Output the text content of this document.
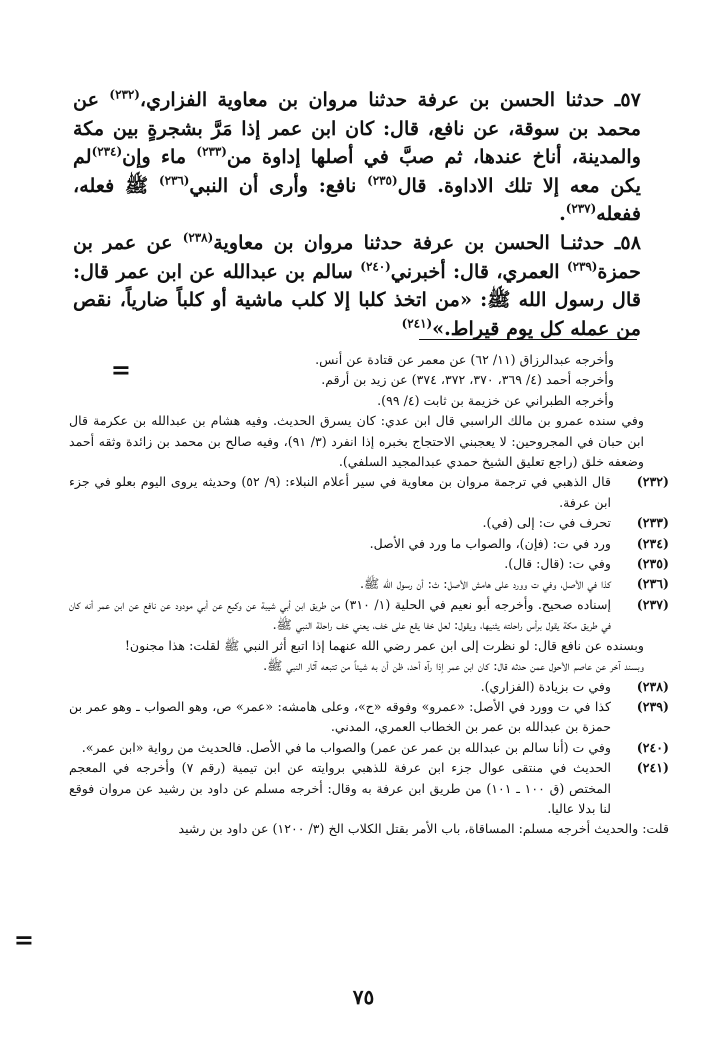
٥٧ـ حدثنا الحسن بن عرفة حدثنا مروان بن معاوية الفزاري،$^{(٢٣٢)}$ عن محمد بن سوقة، عن نافع، قال: كان ابن عمر إذا مَرَّ بشجرةٍ بين مكة والمدينة، أناخ عندها، ثم صبَّ في أصلها إداوة من$^{(٢٣٣)}$ ماء وإن$^{(٢٣٤)}$لم يكن معه إلا تلك الاداوة. قال$^{(٢٣٥)}$ نافع: وأرى أن النبي$^{(٢٣٦)}$ ﷺ فعله، ففعله$^{(٢٣٧)}$.

٥٨ـ حدثنـا الحسن بن عرفة حدثنا مروان بن معاوية$^{(٢٣٨)}$ عن عمر بن حمزة$^{(٢٣٩)}$ العمري، قال: أخبرني$^{(٢٤٠)}$ سالم بن عبدالله عن ابن عمر قال: قال رسول الله ﷺ: «من اتخذ كلبا إلا كلب ماشية أو كلباً ضارياً، نقص من عمله كل يوم قيراط.»$^{(٢٤١)}$

=	وأخرجه عبدالرزاق (١١/ ٦٢) عن معمر عن قتادة عن أنس.

وأخرجه أحمد (٤/ ٣٦٩، ٣٧٠، ٣٧٢، ٣٧٤) عن زيد بن أرقم.

وأخرجه الطبراني عن خزيمة بن ثابت (٤/ ٩٩).

وفي سنده عمرو بن مالك الراسبي قال ابن عدي: كان يسرق الحديث. وفيه هشام بن عبدالله بن عكرمة قال ابن حبان في المجروحين: لا يعجبني الاحتجاج بخبره إذا انفرد (٣/ ٩١)، وفيه صالح بن محمد بن زائدة وثقه أحمد وضعفه خلق (راجع تعليق الشيخ حمدي عبدالمجيد السلفي).

(٢٣٢)
قال الذهبي في ترجمة مروان بن معاوية في سير أعلام النبلاء: (٩/ ٥٢) وحديثه يروى اليوم بعلو في جزء ابن عرفة.
(٢٣٣)
تحرف في ت: إلى (في).
(٢٣٤)
ورد في ت: (فإن)، والصواب ما ورد في الأصل.
(٢٣٥)
وفي ت: (قال: قال).
(٢٣٦)
كذا في الأصل، وفي ت وورد على هامش الأصل: ث: أن رسول الله ﷺ.
(٢٣٧)
إسناده صحيح. وأخرجه أبو نعيم في الحلية (١/ ٣١٠) من طريق ابن أبي شيبة عن وكيع عن أبي مودود عن نافع عن ابن عمر أنه كان في طريق مكة يقول برأس راحلته يثنيها، ويقول: لعل خفا يقع على خف، يعني خف راحلة النبي ﷺ.

وبسنده عن نافع قال: لو نظرت إلى ابن عمر رضي الله عنهما إذا اتبع أثر النبي ﷺ لقلت: هذا مجنون!

وبسند آخر عن عاصم الأحول عمن حدثه قال: كان ابن عمر إذا رآه أحد، ظن أن به شيئاً من تتبعه آثار النبي ﷺ.

(٢٣٨)
وفي ت بزيادة (الفزاري).
(٢٣٩)
كذا في ت وورد في الأصل: «عمرو» وفوقه «ح»، وعلى هامشه: «عمر» ص، وهو الصواب ـ وهو عمر بن حمزة بن عبدالله بن عمر بن الخطاب العمري، المدني.
(٢٤٠)
وفي ت (أنا سالم بن عبدالله بن عمر عن عمر) والصواب ما في الأصل. فالحديث من رواية «ابن عمر».
(٢٤١)
الحديث في منتقى عوال جزء ابن عرفة للذهبي بروايته عن ابن تيمية (رقم ٧) وأخرجه في المعجم المختص (ق ١٠٠ ـ ١٠١) من طريق ابن عرفة به وقال: أخرجه مسلم عن داود بن رشيد عن مروان فوقع لنا بدلا عاليا.

قلت: والحديث أخرجه مسلم: المساقاة، باب الأمر بقتل الكلاب الخ (٣/ ١٢٠٠) عن داود بن رشيد

=
٧٥
